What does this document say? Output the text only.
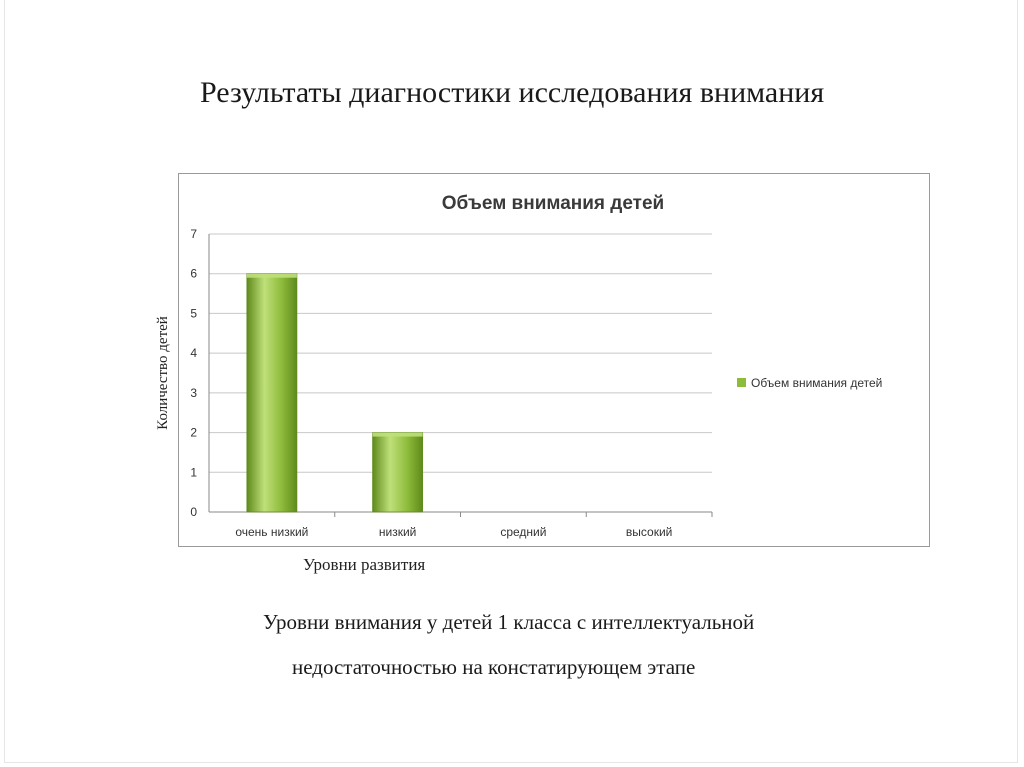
Результаты диагностики исследования внимания
Объем внимания детей
0
1
2
3
4
5
6
7
очень низкий	низкий	средний	высокий
Объем внимания детей
Количество детей
Уровни развития
Уровни внимания у детей 1 класса с интеллектуальной
недостаточностью на констатирующем этапе
